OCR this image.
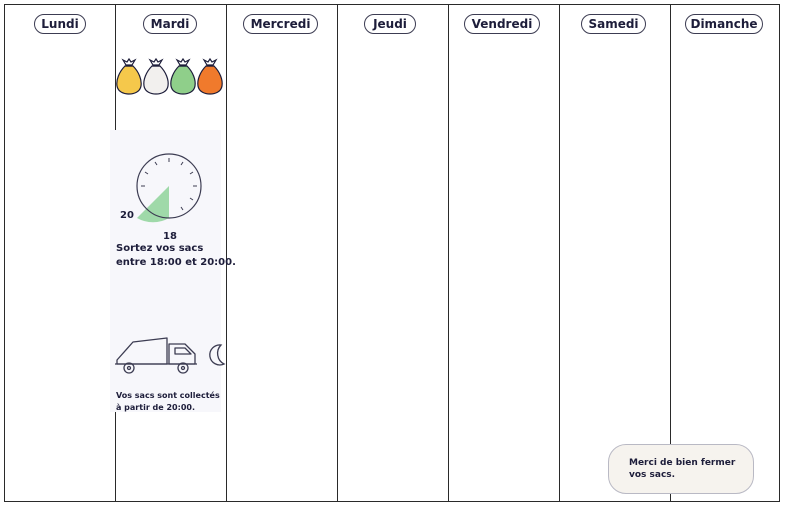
Lundi	Mardi	Mercredi	Jeudi	Vendredi	Samedi	Dimanche
20
18
Sortez vos sacs
entre 18:00 et 20:00.
Vos sacs sont collectés
à partir de 20:00.
Merci de bien fermer
vos sacs.
